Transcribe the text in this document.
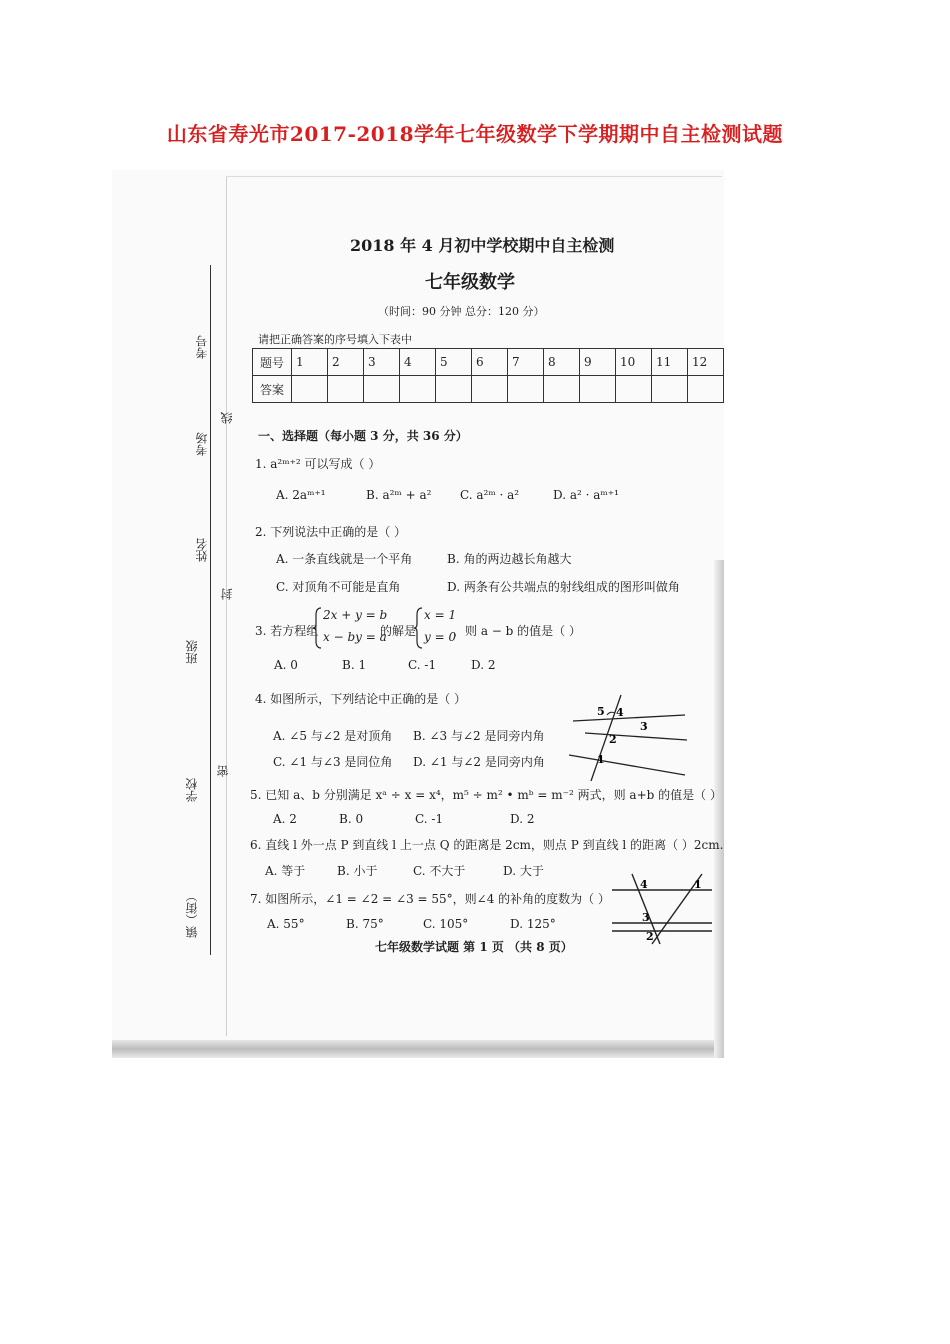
山东省寿光市2017-2018学年七年级数学下学期期中自主检测试题
考号
线
考场
姓名
封
班级
密
学校
镇（街）
2018 年 4 月初中学校期中自主检测
七年级数学
（时间：90 分钟 总分：120 分）
请把正确答案的序号填入下表中
题号	1	2	3	4	5	6	7	8	9	10	11	12
答案												
一、选择题（每小题 3 分，共 36 分）
1. a²ᵐ⁺² 可以写成（ ）
A. 2aᵐ⁺¹	B. a²ᵐ + a² C. a²ᵐ · a²	D. a² · aᵐ⁺¹
2. 下列说法中正确的是（ ）
A. 一条直线就是一个平角	B. 角的两边越长角越大
C. 对顶角不可能是直角	D. 两条有公共端点的射线组成的图形叫做角
3. 若方程组
2x + y = b
x − by = a
的解是
x = 1
y = 0
，则 a − b 的值是（ ）
A. 0	B. 1	C. -1	D. 2
4. 如图所示，下列结论中正确的是（ ）
A. ∠5 与∠2 是对顶角 B. ∠3 与∠2 是同旁内角
C. ∠1 与∠3 是同位角 D. ∠1 与∠2 是同旁内角
5 4
3
2
1
5. 已知 a、b 分别满足 xᵃ ÷ x = x⁴，m⁵ ÷ m² • mᵇ = m⁻² 两式，则 a+b 的值是（ ）
A. 2	B. 0	C. -1	D. 2
6. 直线 l 外一点 P 到直线 l 上一点 Q 的距离是 2cm，则点 P 到直线 l 的距离（ ）2cm.
A. 等于	B. 小于	C. 不大于	D. 大于
7. 如图所示，∠1 = ∠2 = ∠3 = 55°，则∠4 的补角的度数为（ ）
A. 55°	B. 75°	C. 105°	D. 125°
4	1
3
2
七年级数学试题 第 1 页 （共 8 页）
